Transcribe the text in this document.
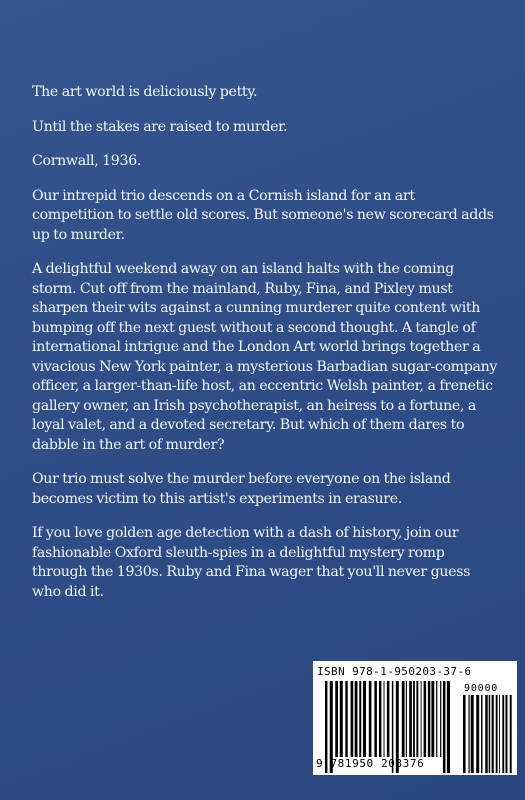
The art world is deliciously petty.

Until the stakes are raised to murder.

Cornwall, 1936.

Our intrepid trio descends on a Cornish island for an art competition to settle old scores. But someone's new scorecard adds up to murder.

A delightful weekend away on an island halts with the coming storm. Cut off from the mainland, Ruby, Fina, and Pixley must sharpen their wits against a cunning murderer quite content with bumping off the next guest without a second thought. A tangle of international intrigue and the London Art world brings together a vivacious New York painter, a mysterious Barbadian sugar-company officer, a larger-than-life host, an eccentric Welsh painter, a frenetic gallery owner, an Irish psychotherapist, an heiress to a fortune, a loyal valet, and a devoted secretary. But which of them dares to dabble in the art of murder?

Our trio must solve the murder before everyone on the island becomes victim to this artist's experiments in erasure.

If you love golden age detection with a dash of history, join our fashionable Oxford sleuth-spies in a delightful mystery romp through the 1930s. Ruby and Fina wager that you'll never guess who did it.

ISBN 978-1-950203-37-6
90000
9 781950 203376
